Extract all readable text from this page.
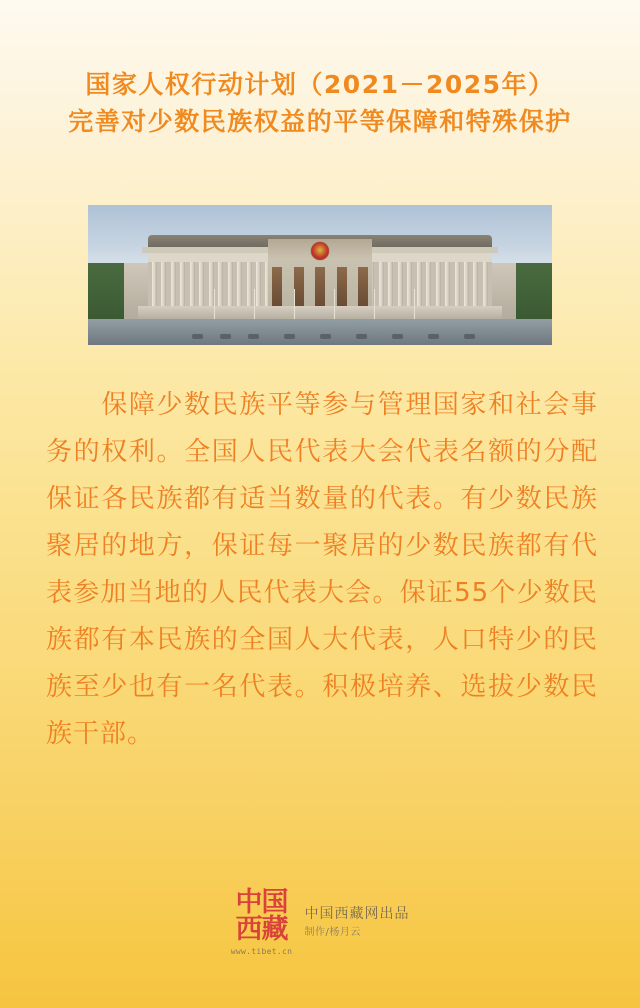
国家人权行动计划（2021－2025年）
完善对少数民族权益的平等保障和特殊保护
　　保障少数民族平等参与管理国家和社会事务的权利。全国人民代表大会代表名额的分配保证各民族都有适当数量的代表。有少数民族聚居的地方，保证每一聚居的少数民族都有代表参加当地的人民代表大会。保证55个少数民族都有本民族的全国人大代表，人口特少的民族至少也有一名代表。积极培养、选拔少数民族干部。
中国西藏
www.tibet.cn
中国西藏网出品
制作/杨月云
